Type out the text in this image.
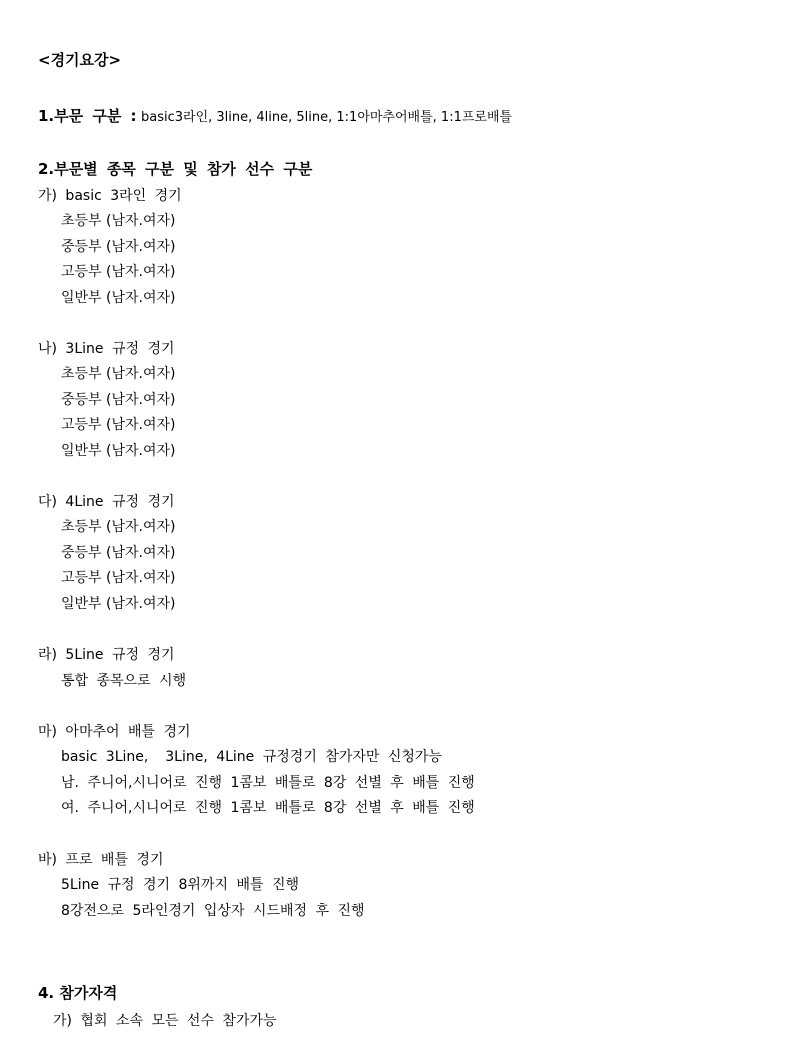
<경기요강>
1.부문 구분 : basic3라인, 3line, 4line, 5line, 1:1아마추어배틀, 1:1프로배틀
2.부문별 종목 구분 및 참가 선수 구분
가) basic 3라인 경기
초등부 (남자.여자)
중등부 (남자.여자)
고등부 (남자.여자)
일반부 (남자.여자)
나) 3Line 규정 경기
초등부 (남자.여자)
중등부 (남자.여자)
고등부 (남자.여자)
일반부 (남자.여자)
다) 4Line 규정 경기
초등부 (남자.여자)
중등부 (남자.여자)
고등부 (남자.여자)
일반부 (남자.여자)
라) 5Line 규정 경기
통합 종목으로 시행
마) 아마추어 배틀 경기
basic 3Line,  3Line, 4Line 규정경기 참가자만 신청가능
남. 주니어,시니어로 진행 1콤보 배틀로 8강 선별 후 배틀 진행
여. 주니어,시니어로 진행 1콤보 배틀로 8강 선별 후 배틀 진행
바) 프로 배틀 경기
5Line 규정 경기 8위까지 배틀 진행
8강전으로 5라인경기 입상자 시드배정 후 진행
4. 참가자격
가) 협회 소속 모든 선수 참가가능
